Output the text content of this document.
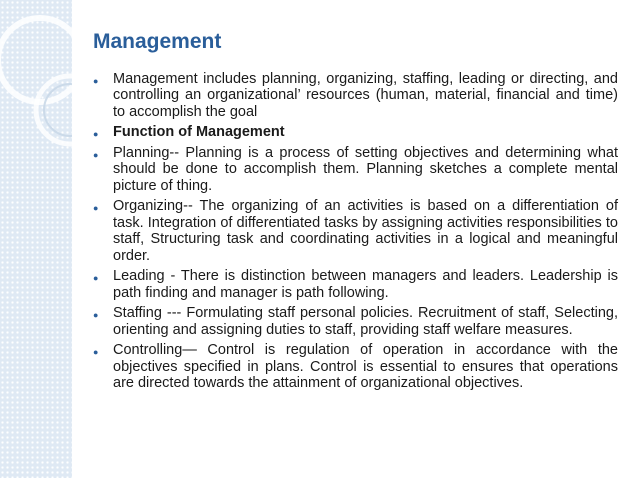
Management
● Management includes planning, organizing, staffing, leading or directing, and controlling an organizational’ resources (human, material, financial and time) to accomplish the goal
● Function of Management
● Planning-- Planning is a process of setting objectives and determining what should be done to accomplish them. Planning sketches a complete mental picture of thing.
● Organizing-- The organizing of an activities is based on a differentiation of task. Integration of differentiated tasks by assigning activities responsibilities to staff, Structuring task and coordinating activities in a logical and meaningful order.
● Leading - There is distinction between managers and leaders. Leadership is path finding and manager is path following.
● Staffing --- Formulating staff personal policies. Recruitment of staff, Selecting, orienting and assigning duties to staff, providing staff welfare measures.
● Controlling— Control is regulation of operation in accordance with the objectives specified in plans. Control is essential to ensures that operations are directed towards the attainment of organizational objectives.
